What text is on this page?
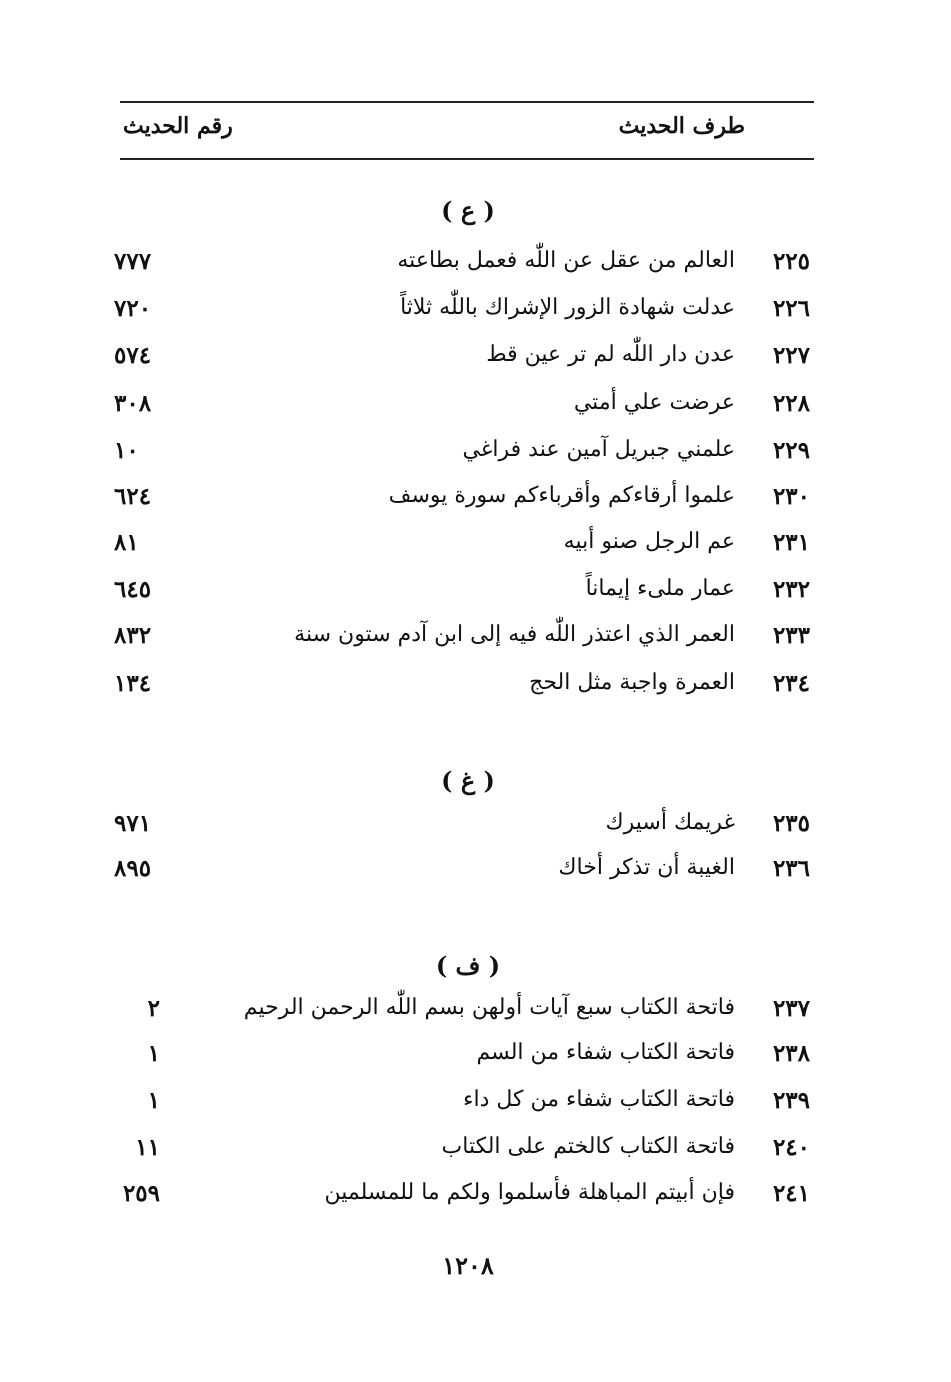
طرف الحديث
رقم الحديث
( ع )
٢٢٥
العالم من عقل عن اللّٰه فعمل بطاعته
٧٧٧
٢٢٦
عدلت شهادة الزور الإشراك باللّٰه ثلاثاً
٧٢٠
٢٢٧
عدن دار اللّٰه لم تر عين قط
٥٧٤
٢٢٨
عرضت علي أمتي
٣٠٨
٢٢٩
علمني جبريل آمين عند فراغي
١٠
٢٣٠
علموا أرقاءكم وأقرباءكم سورة يوسف
٦٢٤
٢٣١
عم الرجل صنو أبيه
٨١
٢٣٢
عمار ملىء إيماناً
٦٤٥
٢٣٣
العمر الذي اعتذر اللّٰه فيه إلى ابن آدم ستون سنة
٨٣٢
٢٣٤
العمرة واجبة مثل الحج
١٣٤
( غ )
٢٣٥
غريمك أسيرك
٩٧١
٢٣٦
الغيبة أن تذكر أخاك
٨٩٥
( ف )
٢٣٧
فاتحة الكتاب سبع آيات أولهن بسم اللّٰه الرحمن الرحيم
٢
٢٣٨
فاتحة الكتاب شفاء من السم
١
٢٣٩
فاتحة الكتاب شفاء من كل داء
١
٢٤٠
فاتحة الكتاب كالختم على الكتاب
١١
٢٤١
فإن أبيتم المباهلة فأسلموا ولكم ما للمسلمين
٢٥٩
١٢٠٨
